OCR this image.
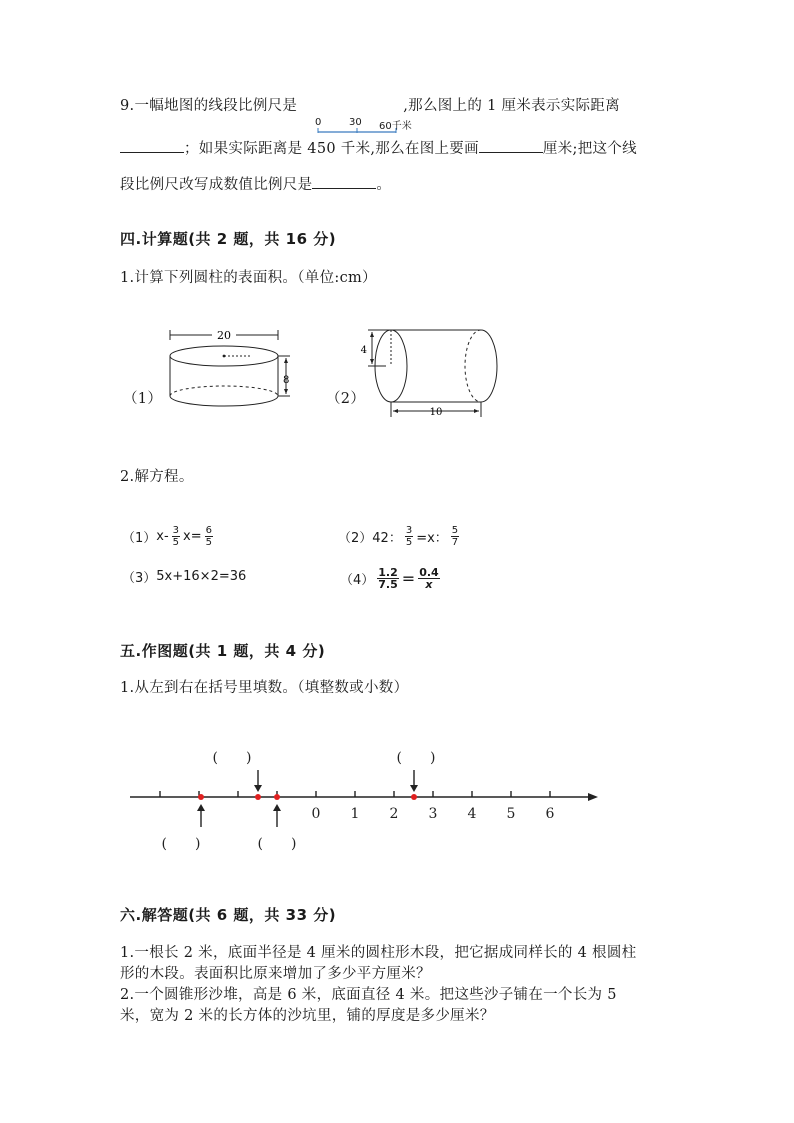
9.一幅地图的线段比例尺是	,那么图上的 1 厘米表示实际距离
0	30 60千米
；如果实际距离是 450 千米,那么在图上要画	厘米;把这个线
段比例尺改写成数值比例尺是	。
四.计算题(共 2 题，共 16 分)
1.计算下列圆柱的表面积。（单位:cm）
（1）
20
8
（2）
4
10
2.解方程。
（1） $x- \frac{3}{5} x= \frac{6}{5}$	（2） 42： $\frac{3}{5} =x$： $\frac{5}{7}$
（3） 5x+16×2=36	$(4) \frac{1.2}{7.5} = \frac{0.4}{x}$
五.作图题(共 1 题，共 4 分)
1.从左到右在括号里填数。（填整数或小数）
(　　)	(　　)
(　　)	(　　)
0 1 2 3 4 5 6
六.解答题(共 6 题，共 33 分)
1.一根长 2 米，底面半径是 4 厘米的圆柱形木段，把它据成同样长的 4 根圆柱
形的木段。表面积比原来增加了多少平方厘米？
2.一个圆锥形沙堆，高是 6 米，底面直径 4 米。把这些沙子铺在一个长为 5
米，宽为 2 米的长方体的沙坑里，铺的厚度是多少厘米？
